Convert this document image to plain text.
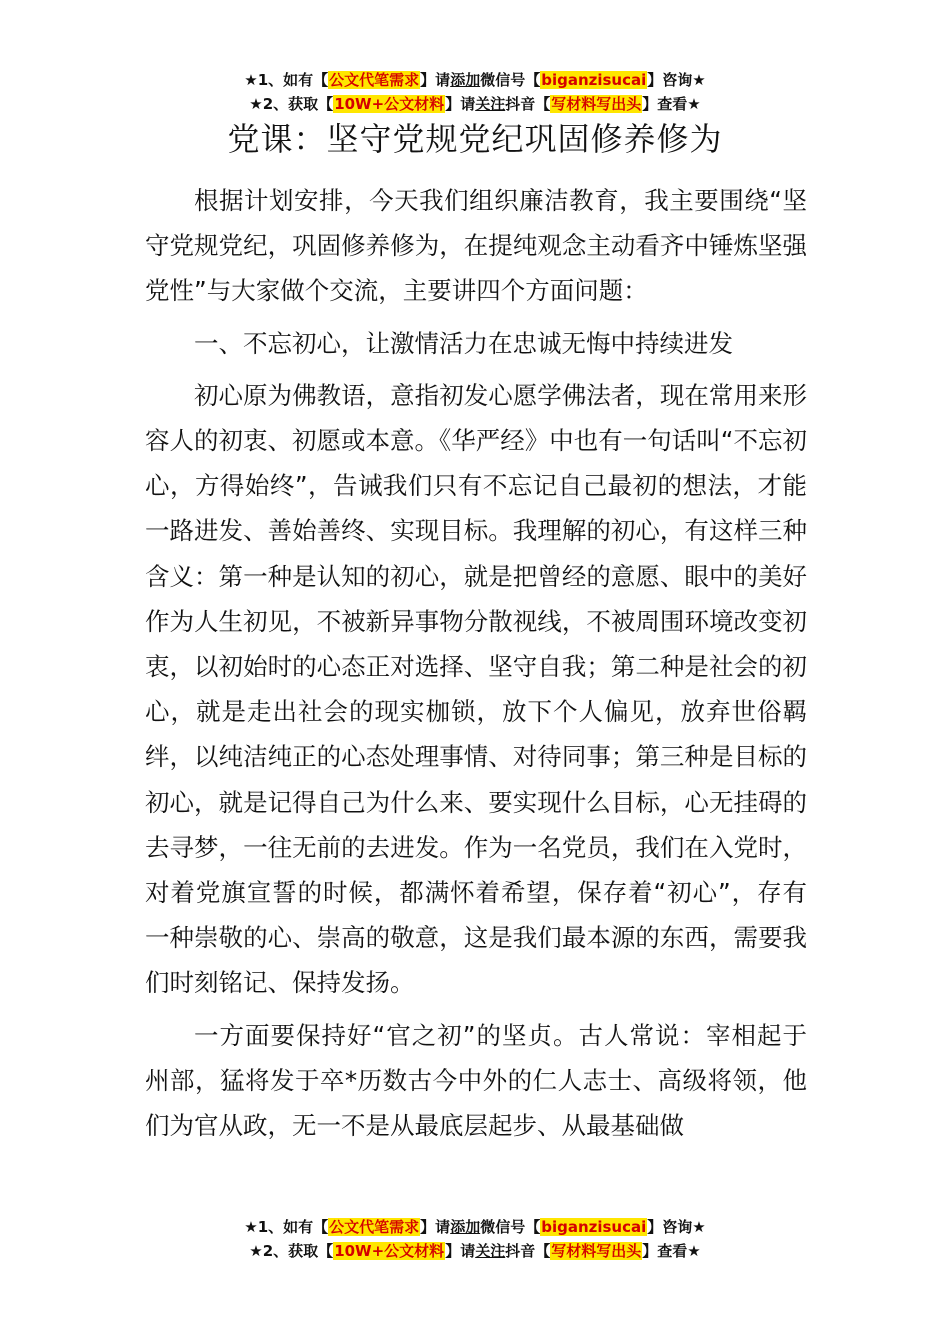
★1、如有【公文代笔需求】请添加微信号【biganzisucai】咨询★
★2、获取【10W+公文材料】请关注抖音【写材料写出头】查看★
党课：坚守党规党纪巩固修养修为

根据计划安排，今天我们组织廉洁教育，我主要围绕“坚守党规党纪，巩固修养修为，在提纯观念主动看齐中锤炼坚强党性”与大家做个交流，主要讲四个方面问题：

一、不忘初心，让激情活力在忠诚无悔中持续进发

初心原为佛教语，意指初发心愿学佛法者，现在常用来形容人的初衷、初愿或本意。《华严经》中也有一句话叫“不忘初心，方得始终”，告诫我们只有不忘记自己最初的想法，才能一路进发、善始善终、实现目标。我理解的初心，有这样三种含义：第一种是认知的初心，就是把曾经的意愿、眼中的美好作为人生初见，不被新异事物分散视线，不被周围环境改变初衷，以初始时的心态正对选择、坚守自我；第二种是社会的初心，就是走出社会的现实枷锁，放下个人偏见，放弃世俗羁绊，以纯洁纯正的心态处理事情、对待同事；第三种是目标的初心，就是记得自己为什么来、要实现什么目标，心无挂碍的去寻梦，一往无前的去进发。作为一名党员，我们在入党时，对着党旗宣誓的时候，都满怀着希望，保存着“初心”，存有一种崇敬的心、崇高的敬意，这是我们最本源的东西，需要我们时刻铭记、保持发扬。

一方面要保持好“官之初”的坚贞。古人常说：宰相起于州部，猛将发于卒*历数古今中外的仁人志士、高级将领，他们为官从政，无一不是从最底层起步、从最基础做

★1、如有【公文代笔需求】请添加微信号【biganzisucai】咨询★
★2、获取【10W+公文材料】请关注抖音【写材料写出头】查看★
